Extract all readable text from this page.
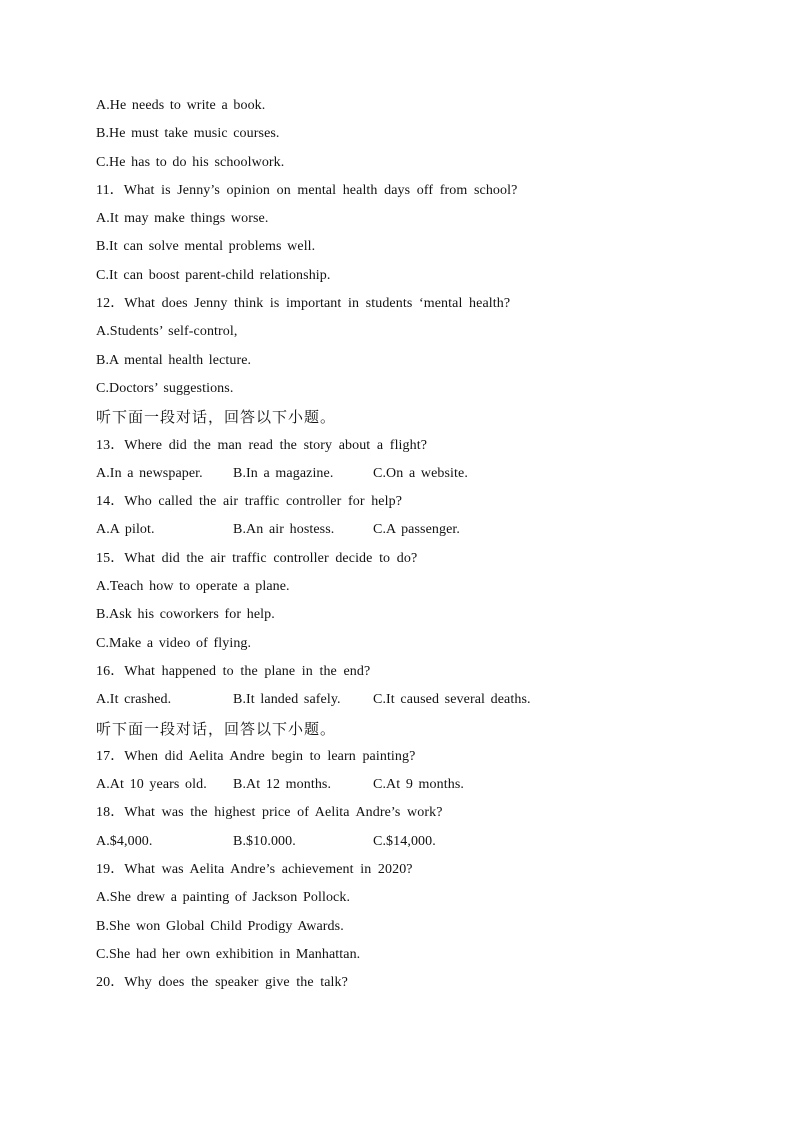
A.He needs to write a book.
B.He must take music courses.
C.He has to do his schoolwork.
11．What is Jenny’s opinion on mental health days off from school?
A.It may make things worse.
B.It can solve mental problems well.
C.It can boost parent-child relationship.
12．What does Jenny think is important in students ‘mental health?
A.Students’ self-control,
B.A mental health lecture.
C.Doctors’ suggestions.
听下面一段对话，回答以下小题。
13．Where did the man read the story about a flight?
A.In a newspaper. B.In a magazine.	C.On a website.
14．Who called the air traffic controller for help?
A.A pilot.	B.An air hostess.	C.A passenger.
15．What did the air traffic controller decide to do?
A.Teach how to operate a plane.
B.Ask his coworkers for help.
C.Make a video of flying.
16．What happened to the plane in the end?
A.It crashed.	B.It landed safely. C.It caused several deaths.
听下面一段对话，回答以下小题。
17．When did Aelita Andre begin to learn painting?
A.At 10 years old. B.At 12 months.	C.At 9 months.
18．What was the highest price of Aelita Andre’s work?
A.$4,000.	B.$10.000.	C.$14,000.
19．What was Aelita Andre’s achievement in 2020?
A.She drew a painting of Jackson Pollock.
B.She won Global Child Prodigy Awards.
C.She had her own exhibition in Manhattan.
20．Why does the speaker give the talk?
